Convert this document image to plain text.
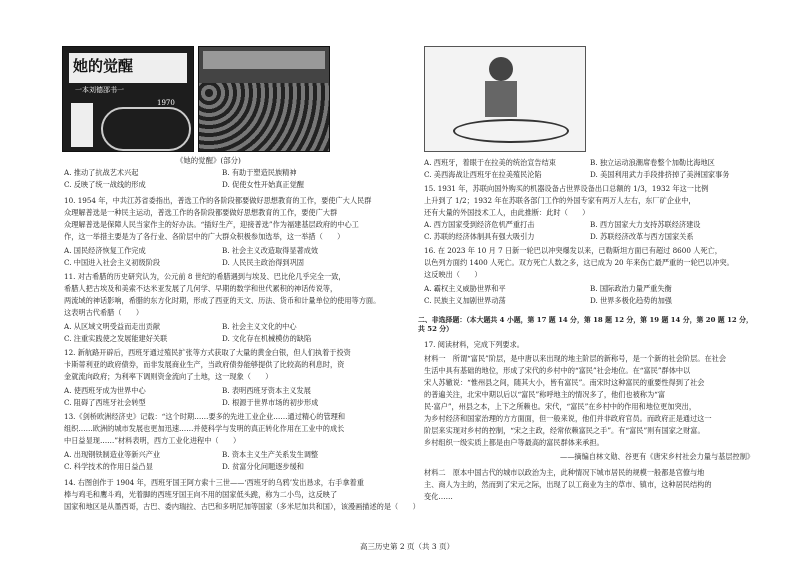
她的觉醒
一本刘德邵书一
1970
《她的觉醒》(部分)
A. 推动了抗战艺术兴起	B. 有助于塑造民族精神
C. 反映了统一战线的形成	D. 促使女性开始真正觉醒
10. 1954 年，中共江苏省委指出，普选工作的各阶段都要做好思想教育的工作，要使广大人民群
众理解普选是一种民主运动，普选工作的各阶段都要做好思想教育的工作，要使广大群
众理解普选是保障人民当家作主的好办法。“插好生产，迎接普选”作为福建基层政府的中心工
作，这一举措主要是为了各行业、各阶层中的广大群众积极参加选举，这一举措（　　）
A. 国民经济恢复工作完成	B. 社会主义改造取得显著成效
C. 中国进入社会主义初级阶段	D. 人民民主政治得到巩固
11. 对古希腊的历史研究认为，公元前 8 世纪的希腊遇到与埃及、巴比伦几乎完全一致，
希腊人把古埃及和美索不达米亚发展了几何学、早期的数学和世代累积的神话传说等，
两流域的神话影响，希腊的东方化时期，形成了西亚的天文、历法、货币和计量单位的使用等方面。
这表明古代希腊（　　）
A. 从区域文明受益而走出贡献	B. 社会主义文化的中心
C. 注重实践使之发展能建好关联	D. 文化存在机械模仿的缺陷
12. 新航路开辟后，西班牙通过殖民扩张等方式获取了大量的黄金白银，但人们执着于投资
卡斯蒂利亚的政府债券，而非发展商业生产，当政府债券能够提供了比较高的利息时，资
金就流向政府；为利率下调则资金流向了土地，这一现象（　　）
A. 使西班牙成为世界中心	B. 表明西班牙资本主义发展
C. 阻碍了西班牙社会转型	D. 根源于世界市场的初步形成
13.《剑桥欧洲经济史》记载：“这个时期……要多的先进工业企业……通过精心的管理和
组织……欧洲的城市发展也更加迅速……并使科学与发明的真正转化作用在工业中的成长
中日益显现……”材料表明，西方工业化进程中（　　）
A. 出现钢铁制造业等新兴产业	B. 资本主义生产关系发生调整
C. 科学技术的作用日益凸显	D. 贫富分化问题逐步缓和
14. 右图创作于 1904 年，西班牙国王阿方索十三世——‘西班牙的乌鸦’发出恳求，右手拿着重
棒与鸡毛和鹰斗鸡，光着脚的西班牙国王向不用的国家低头跪，称为二小鸟，这反映了
国家和地区是从墨西哥，古巴、委内瑞拉、古巴和多明尼加等国家（多米尼加共和国），该漫画描述的是（　　）
A. 西班牙，着眼于在拉美的统治宣告结束	B. 独立运动浪潮席卷整个加勒比海地区
C. 美西海战让西班牙在拉美殖民沦陷	D. 美国利用武力手段排挤掉了美洲国家事务
15. 1931 年，苏联向国外购买的机器设备占世界设备出口总额的 1/3，1932 年这一比例
上升到了 1/2；1932 年在苏联各部门工作的外国专家有两万人左右，东厂矿企业中，
还有大量的外国技术工人，由此推断：此时（　　）
A. 西方国家受到经济危机严重打击	B. 西方国家大力支持苏联经济建设
C. 苏联的经济体制具有强大吸引力	D. 苏联经济改革与西方国家关系
16. 在 2023 年 10 月 7 日新一轮巴以冲突爆发以来，已勒斯坦方面已有超过 8600 人死亡，
以色列方面约 1400 人死亡。双方死亡人数之多，这已成为 20 年来伤亡最严重的一轮巴以冲突。
这反映出（　　）
A. 霸权主义威胁世界和平	B. 国际政治力量严重失衡
C. 民族主义加剧世界动荡	D. 世界多极化趋势的加强
二、非选择题：（本大题共 4 小题，第 17 题 14 分，第 18 题 12 分，第 19 题 14 分，第 20 题 12 分，共 52 分）
17. 阅读材料，完成下列要求。
材料一　所谓“富民”阶层，是中唐以来出现的地主阶层的新称号，是一个新的社会阶层。在社会
生活中具有基础的地位，形成了宋代的乡村中的“富民”社会地位。在“富民”群体中以
宋人苏辙说：“惟州县之间，随其大小，皆有富民”。南宋时这种富民的重要性得到了社会
的普遍关注，北宋中期以后以“富民”称呼地主的情况多了，他们也被称为“富
民·富户”，州县之本，上下之所赖也。宋代，“富民”在乡村中的作用和地位更加突出，
为乡村经济和国家治理的方方面面，但一般来说，他们并非政府官员。而政府正是通过这一
阶层来实现对乡村的控制，“宋之主政，经常依赖富民之手”。有“富民”则有国家之财富。
乡村组织一级实质上都是由户等最高的富民群体来承担。
——摘编自林文勋、谷更有《唐宋乡村社会力量与基层控制》
材料二　原本中国古代的城市以政治为主，此种情况下城市居民的规模一般都是官僚与地
主、商人为主的，然而到了宋元之际，出现了以工商业为主的草市、镇市，这种居民结构的
变化……
高三历史第 2 页（共 3 页）
